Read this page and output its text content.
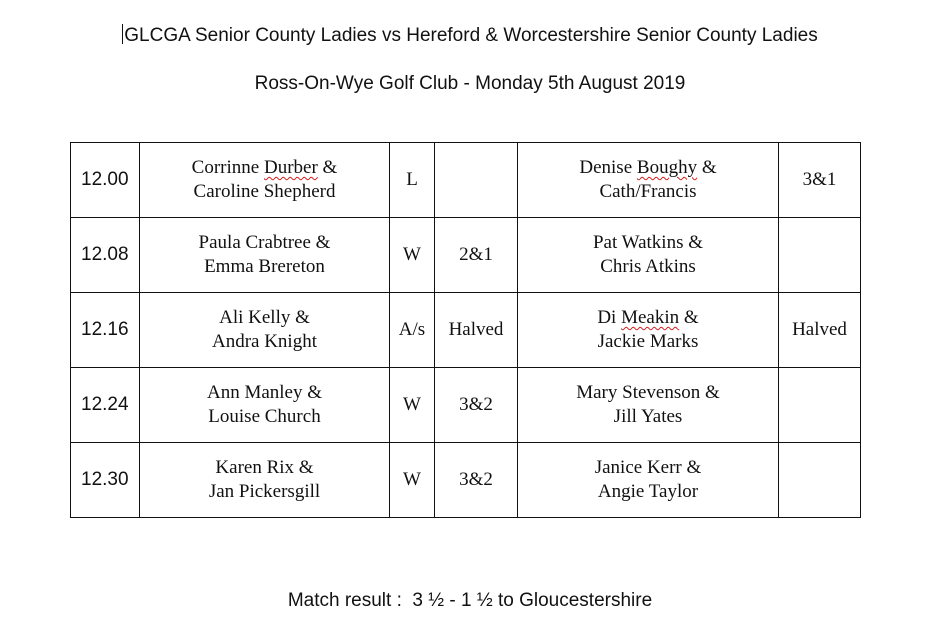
GLCGA Senior County Ladies vs Hereford & Worcestershire Senior County Ladies
Ross-On-Wye Golf Club - Monday 5th August 2019
12.00	Corrinne Durber &
Caroline Shepherd	L		Denise Boughy &
Cath/Francis	3&1
12.08	Paula Crabtree &
Emma Brereton	W	2&1	Pat Watkins &
Chris Atkins	

12.16	Ali Kelly &
Andra Knight	A/s	Halved	Di Meakin &
Jackie Marks	Halved
12.24	Ann Manley &
Louise Church	W	3&2	Mary Stevenson &
Jill Yates	

12.30	Karen Rix &
Jan Pickersgill	W	3&2	Janice Kerr &
Angie Taylor	

Match result :  3 ½ - 1 ½ to Gloucestershire
